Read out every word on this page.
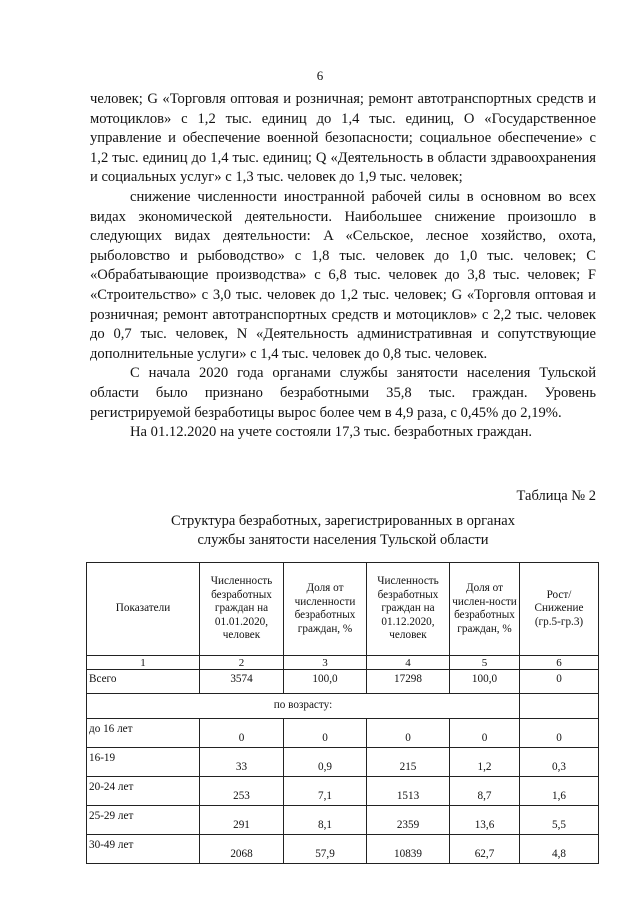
6

человек; G «Торговля оптовая и розничная; ремонт автотранспортных средств и мотоциклов» с 1,2 тыс. единиц до 1,4 тыс. единиц, O «Государственное управление и обеспечение военной безопасности; социальное обеспечение» с 1,2 тыс. единиц до 1,4 тыс. единиц; Q «Деятельность в области здравоохранения и социальных услуг» с 1,3 тыс. человек до 1,9 тыс. человек;

снижение численности иностранной рабочей силы в основном во всех видах экономической деятельности. Наибольшее снижение произошло в следующих видах деятельности: A «Сельское, лесное хозяйство, охота, рыболовство и рыбоводство» с 1,8 тыс. человек до 1,0 тыс. человек; C «Обрабатывающие производства» с 6,8 тыс. человек до 3,8 тыс. человек; F «Строительство» с 3,0 тыс. человек до 1,2 тыс. человек; G «Торговля оптовая и розничная; ремонт автотранспортных средств и мотоциклов» с 2,2 тыс. человек до 0,7 тыс. человек, N «Деятельность административная и сопутствующие дополнительные услуги» с 1,4 тыс. человек до 0,8 тыс. человек.

С начала 2020 года органами службы занятости населения Тульской области было признано безработными 35,8 тыс. граждан. Уровень регистрируемой безработицы вырос более чем в 4,9 раза, с 0,45% до 2,19%.

На 01.12.2020 на учете состояли 17,3 тыс. безработных граждан.

Таблица № 2
Структура безработных, зарегистрированных в органах
службы занятости населения Тульской области
Показатели	Численность безработных граждан на 01.01.2020, человек	Доля от численности безработных граждан, %	Численность безработных граждан на 01.12.2020, человек	Доля от числен-ности безработных граждан, %	Рост/ Снижение (гр.5-гр.3)
1	2	3	4	5	6
Всего	3574	100,0	17298	100,0	0
по возрасту:					
до 16 лет	0	0	0	0	0
16-19	33	0,9	215	1,2	0,3
20-24 лет	253	7,1	1513	8,7	1,6
25-29 лет	291	8,1	2359	13,6	5,5
30-49 лет	2068	57,9	10839	62,7	4,8
